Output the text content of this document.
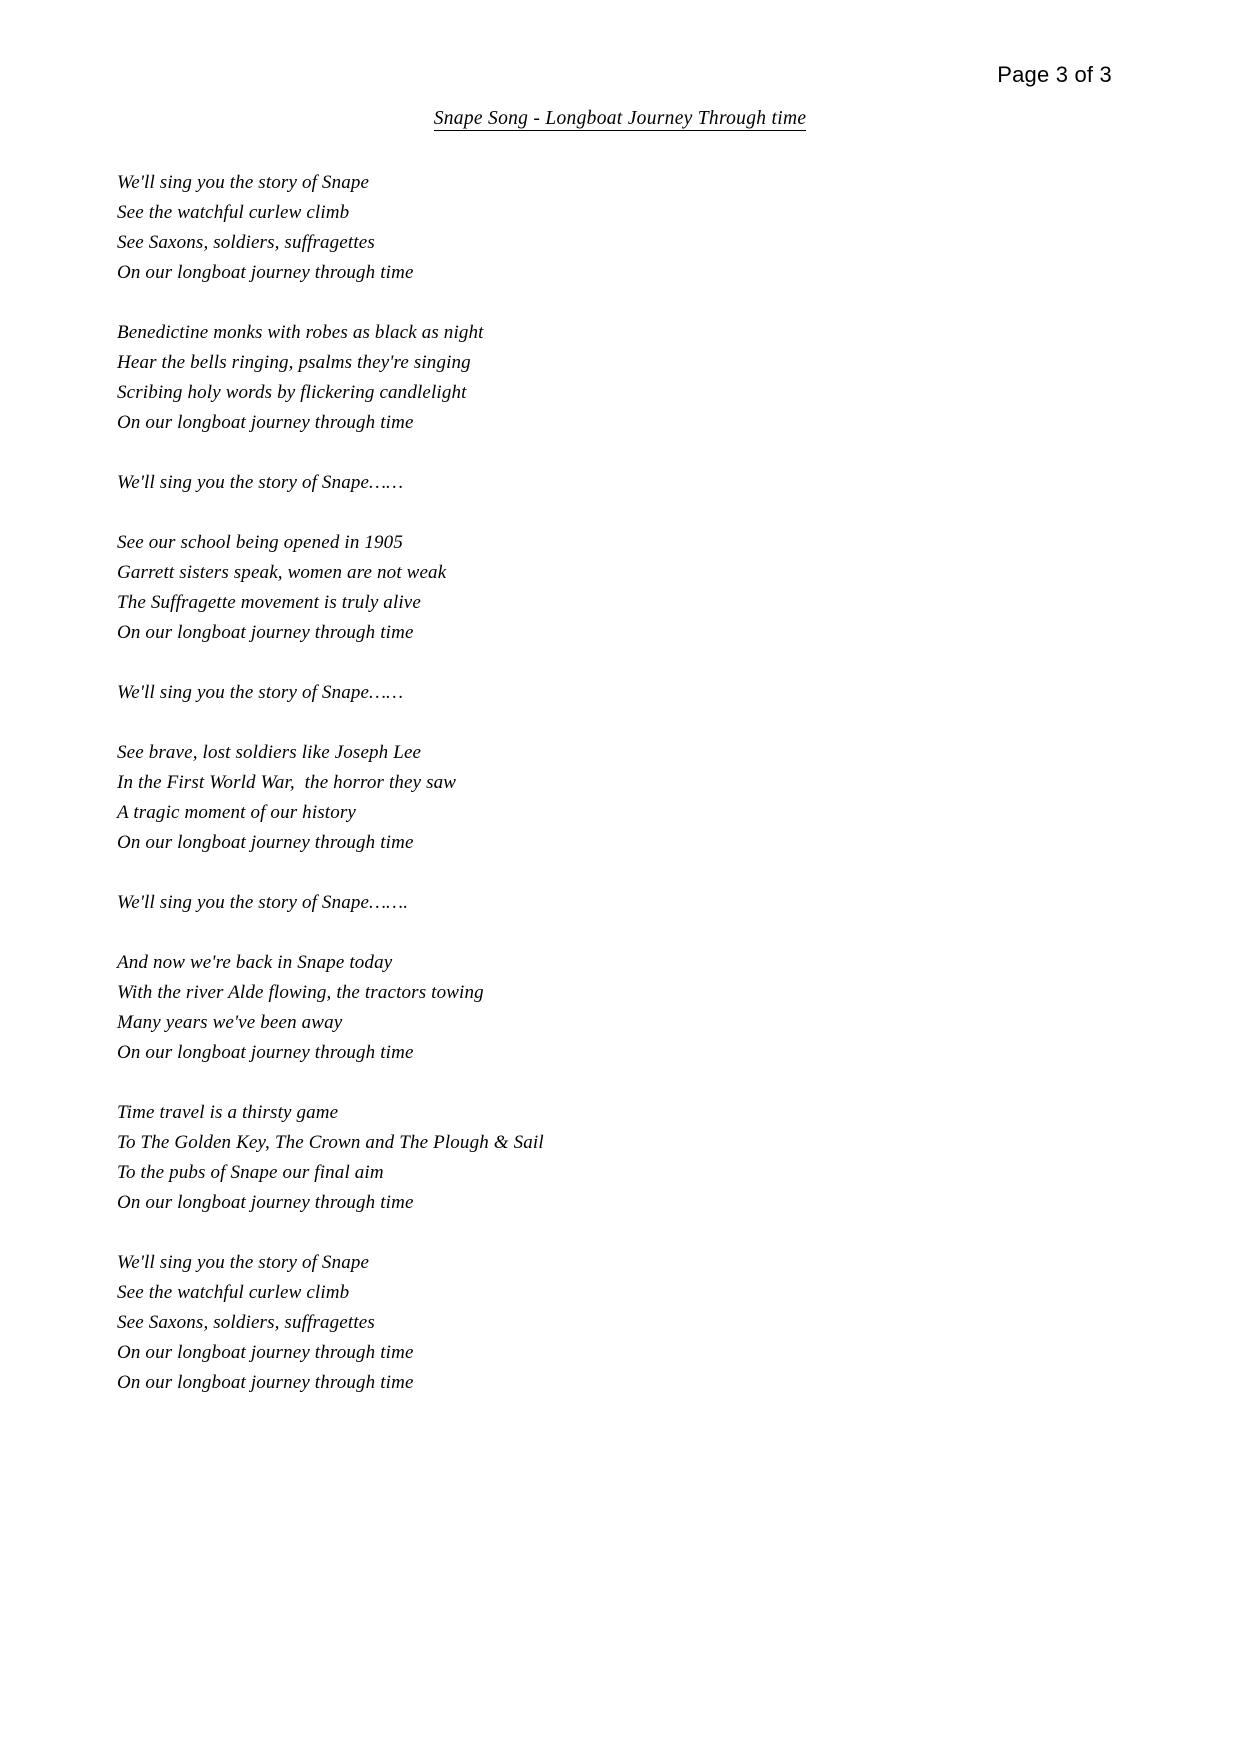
Page 3 of 3
Snape Song - Longboat Journey Through time
We'll sing you the story of Snape
See the watchful curlew climb
See Saxons, soldiers, suffragettes
On our longboat journey through time
Benedictine monks with robes as black as night
Hear the bells ringing, psalms they're singing
Scribing holy words by flickering candlelight
On our longboat journey through time
We'll sing you the story of Snape……
See our school being opened in 1905
Garrett sisters speak, women are not weak
The Suffragette movement is truly alive
On our longboat journey through time
We'll sing you the story of Snape……
See brave, lost soldiers like Joseph Lee
In the First World War,  the horror they saw
A tragic moment of our history
On our longboat journey through time
We'll sing you the story of Snape…….
And now we're back in Snape today
With the river Alde flowing, the tractors towing
Many years we've been away
On our longboat journey through time
Time travel is a thirsty game
To The Golden Key, The Crown and The Plough & Sail
To the pubs of Snape our final aim
On our longboat journey through time
We'll sing you the story of Snape
See the watchful curlew climb
See Saxons, soldiers, suffragettes
On our longboat journey through time
On our longboat journey through time
